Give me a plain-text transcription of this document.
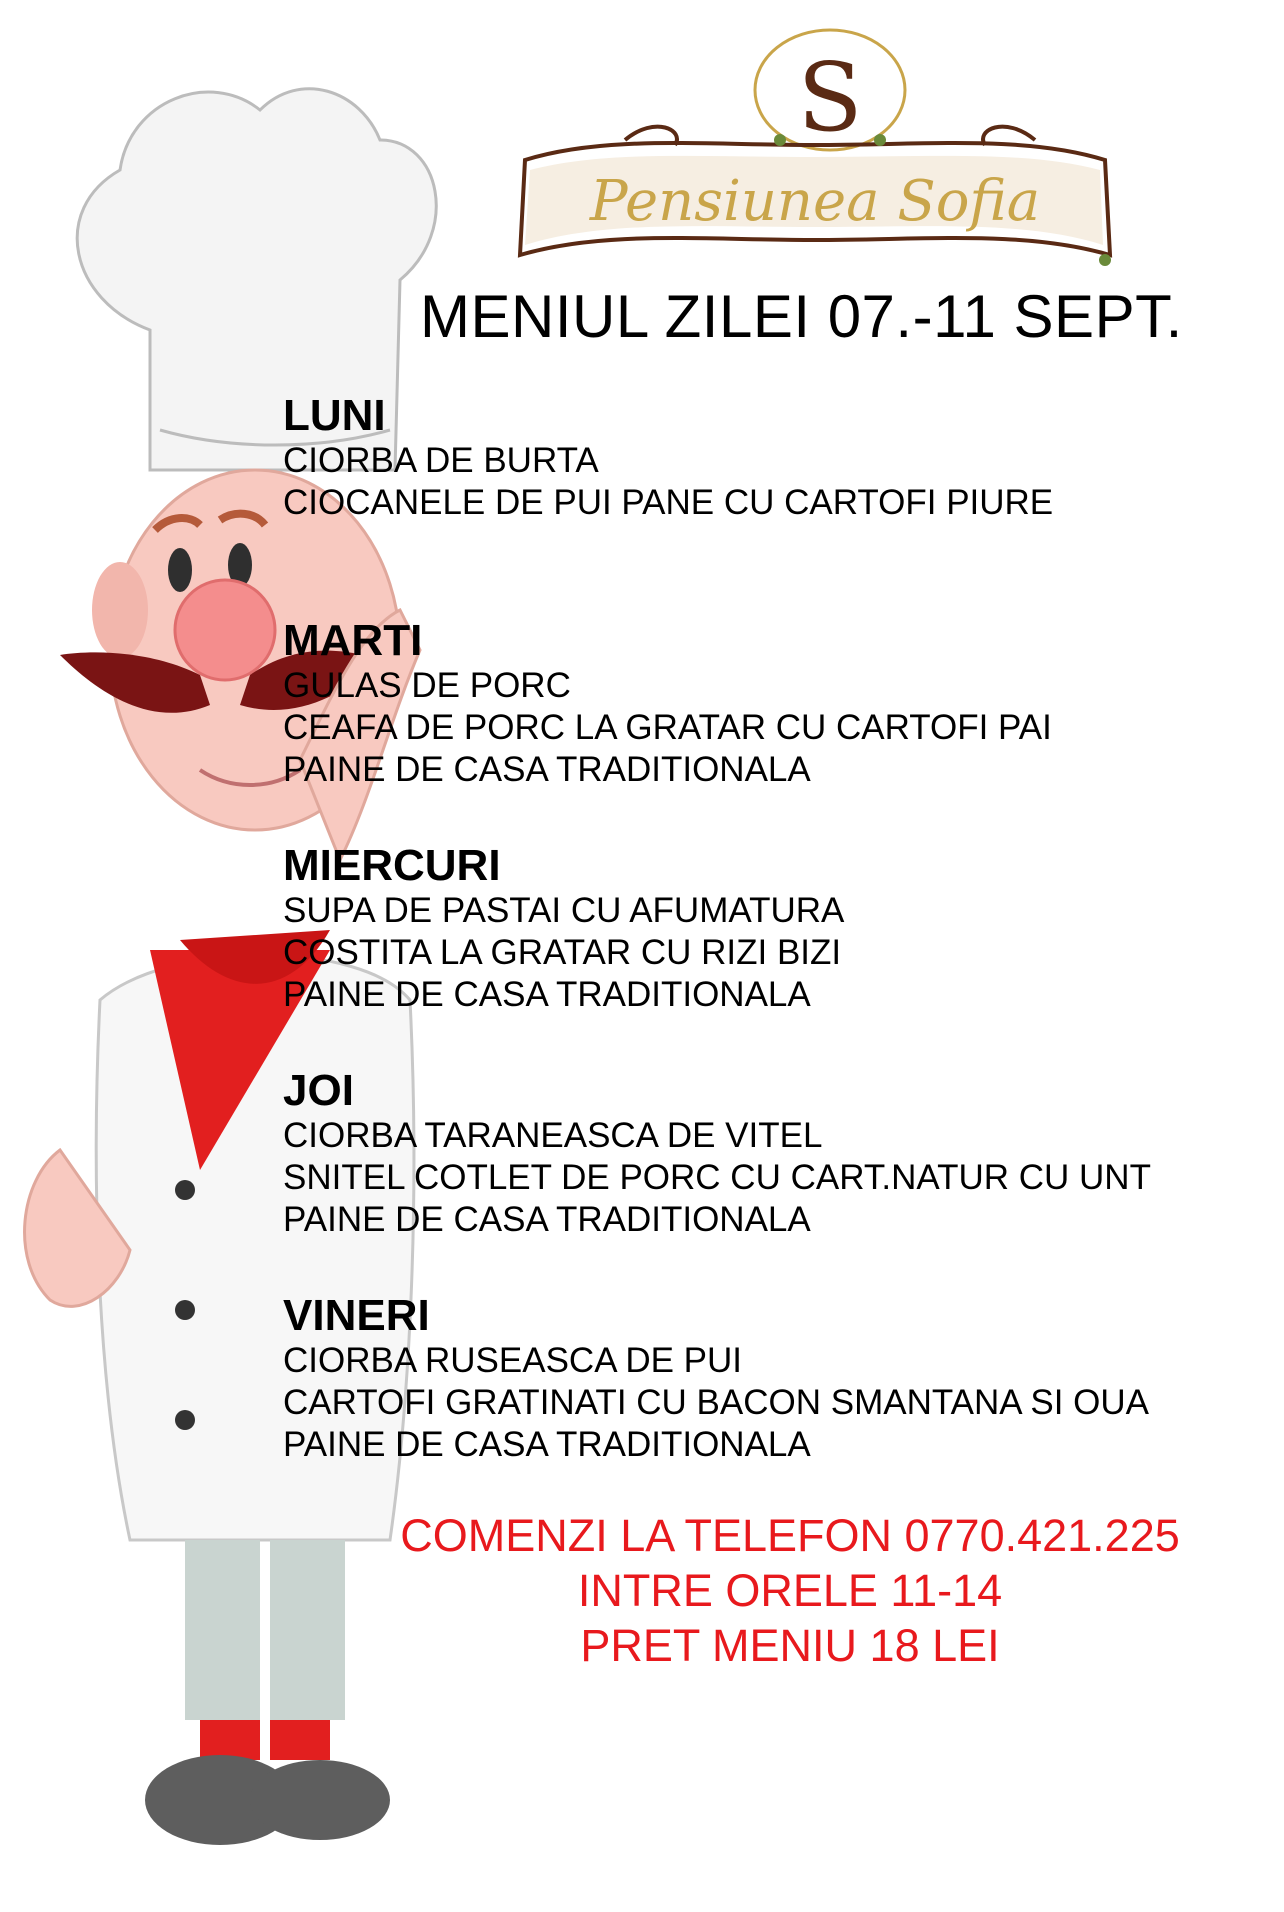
S
Pensiunea Sofia
MENIUL ZILEI 07.-11 SEPT.
LUNI
CIORBA DE BURTA
CIOCANELE DE PUI PANE CU CARTOFI PIURE
MARTI
GULAS DE PORC
CEAFA DE PORC LA GRATAR CU CARTOFI PAI
PAINE DE CASA TRADITIONALA
MIERCURI
SUPA DE PASTAI CU AFUMATURA
COSTITA LA GRATAR CU RIZI BIZI
PAINE DE CASA TRADITIONALA
JOI
CIORBA TARANEASCA DE VITEL
SNITEL COTLET DE PORC CU CART.NATUR CU UNT
PAINE DE CASA TRADITIONALA
VINERI
CIORBA RUSEASCA DE PUI
CARTOFI GRATINATI CU BACON SMANTANA SI OUA
PAINE DE CASA TRADITIONALA
COMENZI LA TELEFON 0770.421.225
INTRE ORELE 11-14
PRET MENIU 18 LEI
